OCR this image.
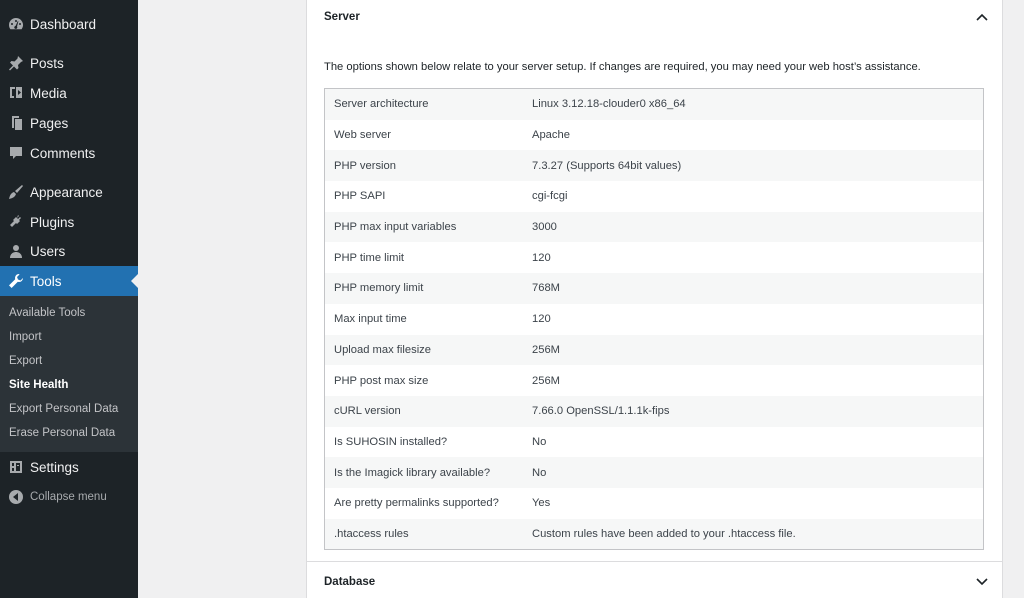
Dashboard
Posts
Media
Pages
Comments
Appearance
Plugins
Users
Tools
Available Tools
Import
Export
Site Health
Export Personal Data
Erase Personal Data
Settings
Collapse menu
Server
The options shown below relate to your server setup. If changes are required, you may need your web host’s assistance.
Server architecture	Linux 3.12.18-clouder0 x86_64
Web server	Apache
PHP version	7.3.27 (Supports 64bit values)
PHP SAPI	cgi-fcgi
PHP max input variables	3000
PHP time limit	120
PHP memory limit	768M
Max input time	120
Upload max filesize	256M
PHP post max size	256M
cURL version	7.66.0 OpenSSL/1.1.1k-fips
Is SUHOSIN installed?	No
Is the Imagick library available?	No
Are pretty permalinks supported?	Yes
.htaccess rules	Custom rules have been added to your .htaccess file.
Database
